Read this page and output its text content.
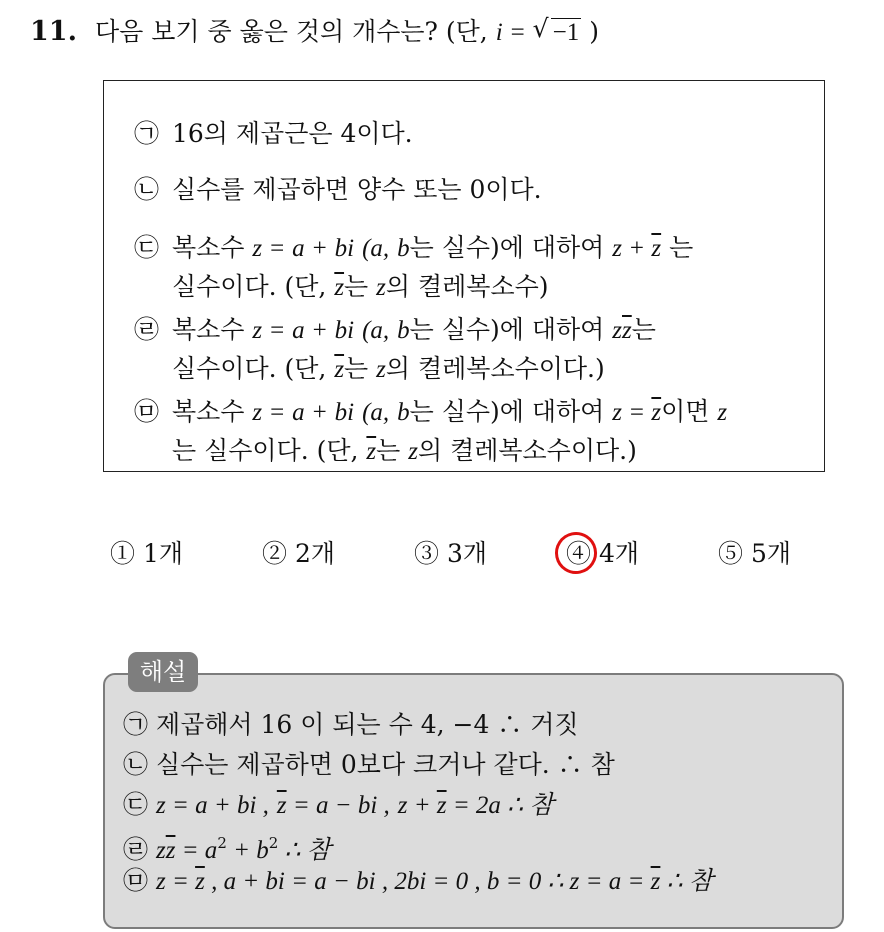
11. 다음 보기 중 옳은 것의 개수는? (단, i = √ −1 )
㉠ 16의 제곱근은 4이다.
㉡ 실수를 제곱하면 양수 또는 0이다.
㉢ 복소수 z = a + bi (a, b는 실수)에 대하여 $z + \overline{z}$ 는
실수이다. (단, $\overline{z}$는 z의 켤레복소수)
㉣ 복소수 z = a + bi (a, b는 실수)에 대하여 $z\overline{z}$는
실수이다. (단, $\overline{z}$는 z의 켤레복소수이다.)
㉤ 복소수 z = a + bi (a, b는 실수)에 대하여 $z = \overline{z}$이면 z
는 실수이다. (단, $\overline{z}$는 z의 켤레복소수이다.)
① 1개	② 2개	③ 3개	④ 4개	⑤ 5개
㉠ 제곱해서 16 이 되는 수 4, −4 ∴ 거짓
㉡ 실수는 제곱하면 0보다 크거나 같다. ∴ 참
㉢ z = a + bi , $\overline{z} = a$ − bi , $z + \overline{z} = 2a$ ∴ 참
㉣ $z\overline{z} = a^2 + b^2$ ∴ 참
㉤ $z = \overline{z}$ , a + bi = a − bi , 2bi = 0 , b = 0 ∴ $z = a = \overline{z}$ ∴ 참
해설
